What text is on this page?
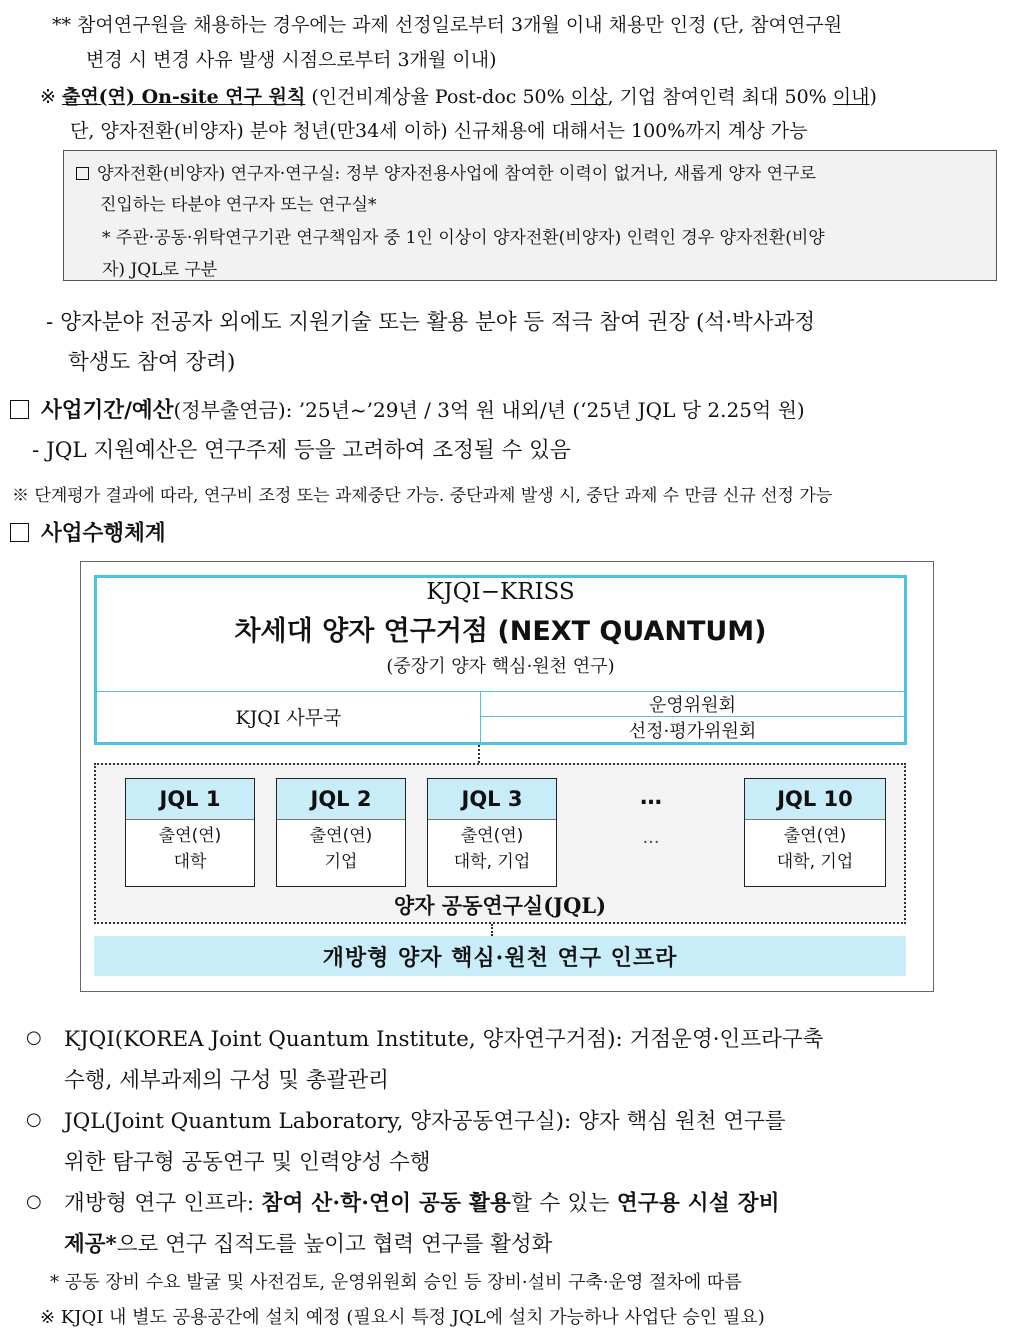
** 참여연구원을 채용하는 경우에는 과제 선정일로부터 3개월 이내 채용만 인정 (단, 참여연구원
변경 시 변경 사유 발생 시점으로부터 3개월 이내)
※ 출연(연) On-site 연구 원칙 (인건비계상율 Post-doc 50% 이상, 기업 참여인력 최대 50% 이내)
단, 양자전환(비양자) 분야 청년(만34세 이하) 신규채용에 대해서는 100%까지 계상 가능
양자전환(비양자) 연구자·연구실: 정부 양자전용사업에 참여한 이력이 없거나, 새롭게 양자 연구로
진입하는 타분야 연구자 또는 연구실*
* 주관·공동·위탁연구기관 연구책임자 중 1인 이상이 양자전환(비양자) 인력인 경우 양자전환(비양
자) JQL로 구분
- 양자분야 전공자 외에도 지원기술 또는 활용 분야 등 적극 참여 권장 (석·박사과정
학생도 참여 장려)
사업기간/예산(정부출연금): ’25년~’29년 / 3억 원 내외/년 (‘25년 JQL 당 2.25억 원)
- JQL 지원예산은 연구주제 등을 고려하여 조정될 수 있음
※ 단계평가 결과에 따라, 연구비 조정 또는 과제중단 가능. 중단과제 발생 시, 중단 과제 수 만큼 신규 선정 가능
사업수행체계
KJQI−KRISS
차세대 양자 연구거점 (NEXT QUANTUM)
(중장기 양자 핵심·원천 연구)
KJQI 사무국
운영위원회
선정·평가위원회
JQL 1
출연(연)
대학
JQL 2
출연(연)
기업
JQL 3
출연(연)
대학, 기업
…
…
JQL 10
출연(연)
대학, 기업
양자 공동연구실(JQL)
개방형 양자 핵심·원천 연구 인프라
○ KJQI(KOREA Joint Quantum Institute, 양자연구거점): 거점운영·인프라구축
수행, 세부과제의 구성 및 총괄관리
○ JQL(Joint Quantum Laboratory, 양자공동연구실): 양자 핵심 원천 연구를
위한 탐구형 공동연구 및 인력양성 수행
○ 개방형 연구 인프라: 참여 산·학·연이 공동 활용할 수 있는 연구용 시설 장비
제공*으로 연구 집적도를 높이고 협력 연구를 활성화
* 공동 장비 수요 발굴 및 사전검토, 운영위원회 승인 등 장비·설비 구축·운영 절차에 따름
※ KJQI 내 별도 공용공간에 설치 예정 (필요시 특정 JQL에 설치 가능하나 사업단 승인 필요)
